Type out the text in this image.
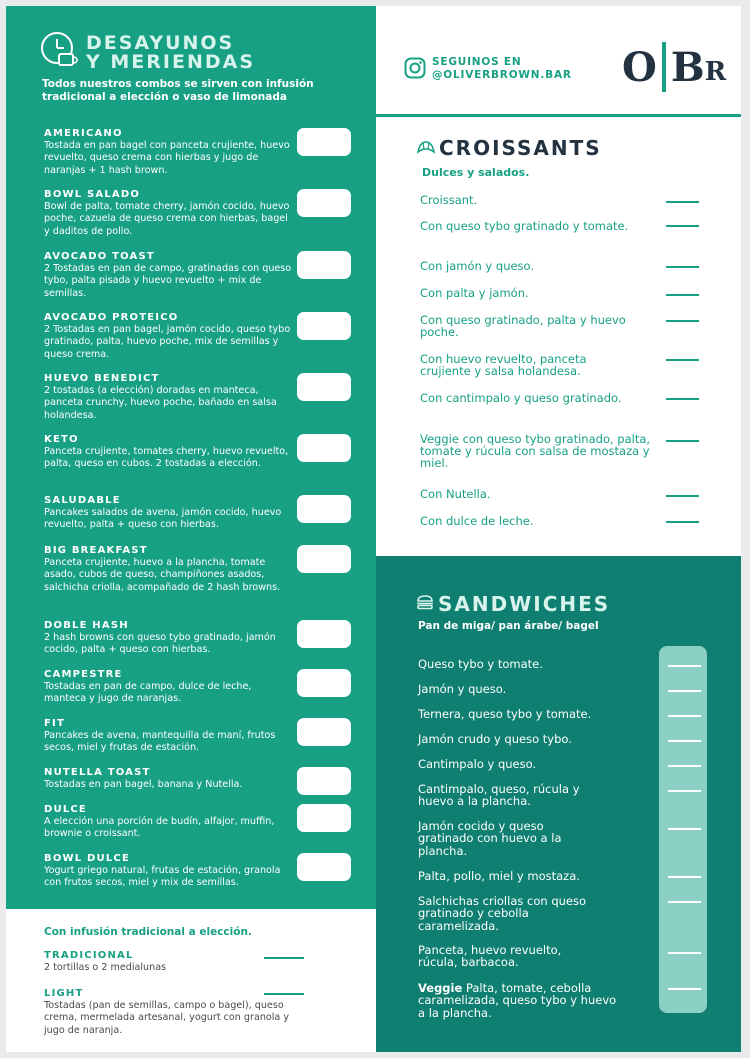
DESAYUNOS
Y MERIENDAS
Todos nuestros combos se sirven con infusión tradicional a elección o vaso de limonada
AMERICANO
Tostada en pan bagel con panceta crujiente, huevo revuelto, queso crema con hierbas y jugo de naranjas + 1 hash brown.
BOWL SALADO
Bowl de palta, tomate cherry, jamón cocido, huevo poche, cazuela de queso crema con hierbas, bagel y daditos de pollo.
AVOCADO TOAST
2 Tostadas en pan de campo, gratinadas con queso tybo, palta pisada y huevo revuelto + mix de semillas.
AVOCADO PROTEICO
2 Tostadas en pan bagel, jamón cocido, queso tybo gratinado, palta, huevo poche, mix de semillas y queso crema.
HUEVO BENEDICT
2 tostadas (a elección) doradas en manteca, panceta crunchy, huevo poche, bañado en salsa holandesa.
KETO
Panceta crujiente, tomates cherry, huevo revuelto, palta, queso en cubos. 2 tostadas a elección.
SALUDABLE
Pancakes salados de avena, jamón cocido, huevo revuelto, palta + queso con hierbas.
BIG BREAKFAST
Panceta crujiente, huevo a la plancha, tomate asado, cubos de queso, champiñones asados, salchicha criolla, acompañado de 2 hash browns.
DOBLE HASH
2 hash browns con queso tybo gratinado, jamón cocido, palta + queso con hierbas.
CAMPESTRE
Tostadas en pan de campo, dulce de leche, manteca y jugo de naranjas.
FIT
Pancakes de avena, mantequilla de maní, frutos secos, miel y frutas de estación.
NUTELLA TOAST
Tostadas en pan bagel, banana y Nutella.
DULCE
A elección una porción de budín, alfajor, muffin, brownie o croissant.
BOWL DULCE
Yogurt griego natural, frutas de estación, granola con frutos secos, miel y mix de semillas.
Con infusión tradicional a elección.
TRADICIONAL
2 tortillas o 2 medialunas
LIGHT
Tostadas (pan de semillas, campo o bagel), queso crema, mermelada artesanal, yogurt con granola y jugo de naranja.
SEGUINOS EN
@OLIVERBROWN.BAR O B R
CROISSANTS
Dulces y salados.
Croissant.
Con queso tybo gratinado y tomate.
Con jamón y queso.
Con palta y jamón.
Con queso gratinado, palta y huevo poche.
Con huevo revuelto, panceta crujiente y salsa holandesa.
Con cantimpalo y queso gratinado.
Veggie con queso tybo gratinado, palta, tomate y rúcula con salsa de mostaza y miel.
Con Nutella.
Con dulce de leche.
SANDWICHES
Pan de miga/ pan árabe/ bagel
Queso tybo y tomate.
Jamón y queso.
Ternera, queso tybo y tomate.
Jamón crudo y queso tybo.
Cantimpalo y queso.
Cantimpalo, queso, rúcula y huevo a la plancha.
Jamón cocido y queso gratinado con huevo a la plancha.
Palta, pollo, miel y mostaza.
Salchichas criollas con queso gratinado y cebolla caramelizada.
Panceta, huevo revuelto, rúcula, barbacoa.
Veggie Palta, tomate, cebolla caramelizada, queso tybo y huevo a la plancha.
